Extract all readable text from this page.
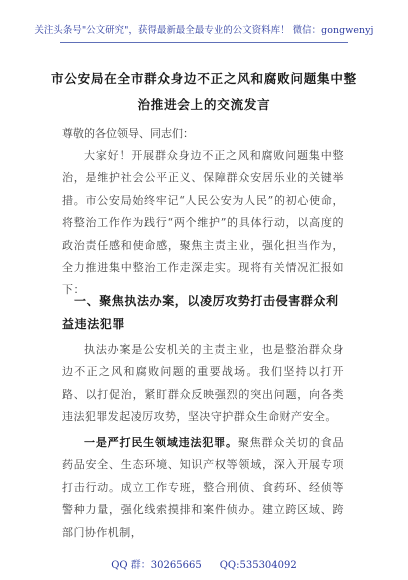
关注头条号"公文研究"，获得最新最全最专业的公文资料库！ 微信：gongwenyj
市公安局在全市群众身边不正之风和腐败问题集中整治推进会上的交流发言
尊敬的各位领导、同志们：
大家好！开展群众身边不正之风和腐败问题集中整治，是维护社会公平正义、保障群众安居乐业的关键举措。市公安局始终牢记“人民公安为人民”的初心使命，将整治工作作为践行“两个维护”的具体行动，以高度的政治责任感和使命感，聚焦主责主业，强化担当作为，全力推进集中整治工作走深走实。现将有关情况汇报如下：
一、聚焦执法办案，以凌厉攻势打击侵害群众利益违法犯罪
执法办案是公安机关的主责主业，也是整治群众身边不正之风和腐败问题的重要战场。我们坚持以打开路、以打促治，紧盯群众反映强烈的突出问题，向各类违法犯罪发起凌厉攻势，坚决守护群众生命财产安全。
一是严打民生领域违法犯罪。聚焦群众关切的食品药品安全、生态环境、知识产权等领域，深入开展专项打击行动。成立工作专班，整合刑侦、食药环、经侦等警种力量，强化线索摸排和案件侦办。建立跨区域、跨部门协作机制，
QQ 群：30265665 QQ:535304092
